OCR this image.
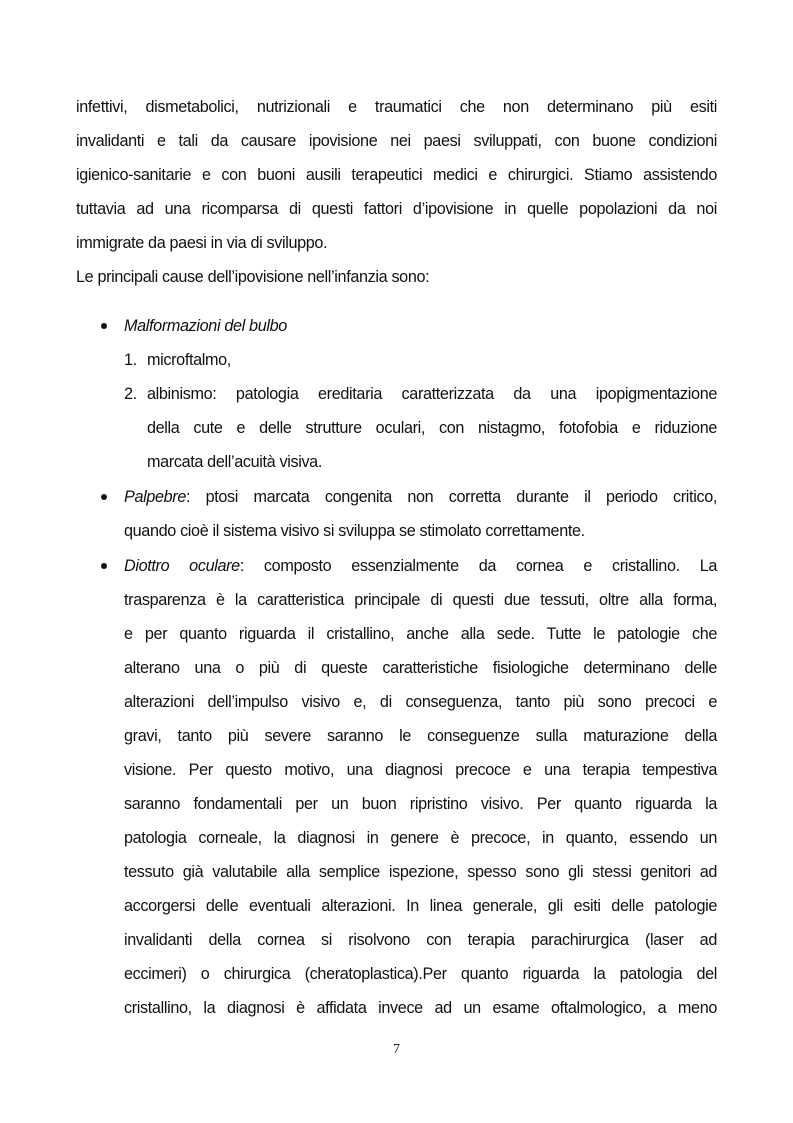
infettivi, dismetabolici, nutrizionali e traumatici che non determinano più esiti
invalidanti e tali da causare ipovisione nei paesi sviluppati, con buone condizioni
igienico-sanitarie e con buoni ausili terapeutici medici e chirurgici. Stiamo assistendo
tuttavia ad una ricomparsa di questi fattori d’ipovisione in quelle popolazioni da noi
immigrate da paesi in via di sviluppo.
Le principali cause dell’ipovisione nell’infanzia sono:
Malformazioni del bulbo
1. microftalmo,
2. albinismo: patologia ereditaria caratterizzata da una ipopigmentazione
della cute e delle strutture oculari, con nistagmo, fotofobia e riduzione
marcata dell’acuità visiva.
Palpebre: ptosi marcata congenita non corretta durante il periodo critico,
quando cioè il sistema visivo si sviluppa se stimolato correttamente.
Diottro oculare: composto essenzialmente da cornea e cristallino. La
trasparenza è la caratteristica principale di questi due tessuti, oltre alla forma,
e per quanto riguarda il cristallino, anche alla sede. Tutte le patologie che
alterano una o più di queste caratteristiche fisiologiche determinano delle
alterazioni dell’impulso visivo e, di conseguenza, tanto più sono precoci e
gravi, tanto più severe saranno le conseguenze sulla maturazione della
visione. Per questo motivo, una diagnosi precoce e una terapia tempestiva
saranno fondamentali per un buon ripristino visivo. Per quanto riguarda la
patologia corneale, la diagnosi in genere è precoce, in quanto, essendo un
tessuto già valutabile alla semplice ispezione, spesso sono gli stessi genitori ad
accorgersi delle eventuali alterazioni. In linea generale, gli esiti delle patologie
invalidanti della cornea si risolvono con terapia parachirurgica (laser ad
eccimeri) o chirurgica (cheratoplastica).Per quanto riguarda la patologia del
cristallino, la diagnosi è affidata invece ad un esame oftalmologico, a meno
7
